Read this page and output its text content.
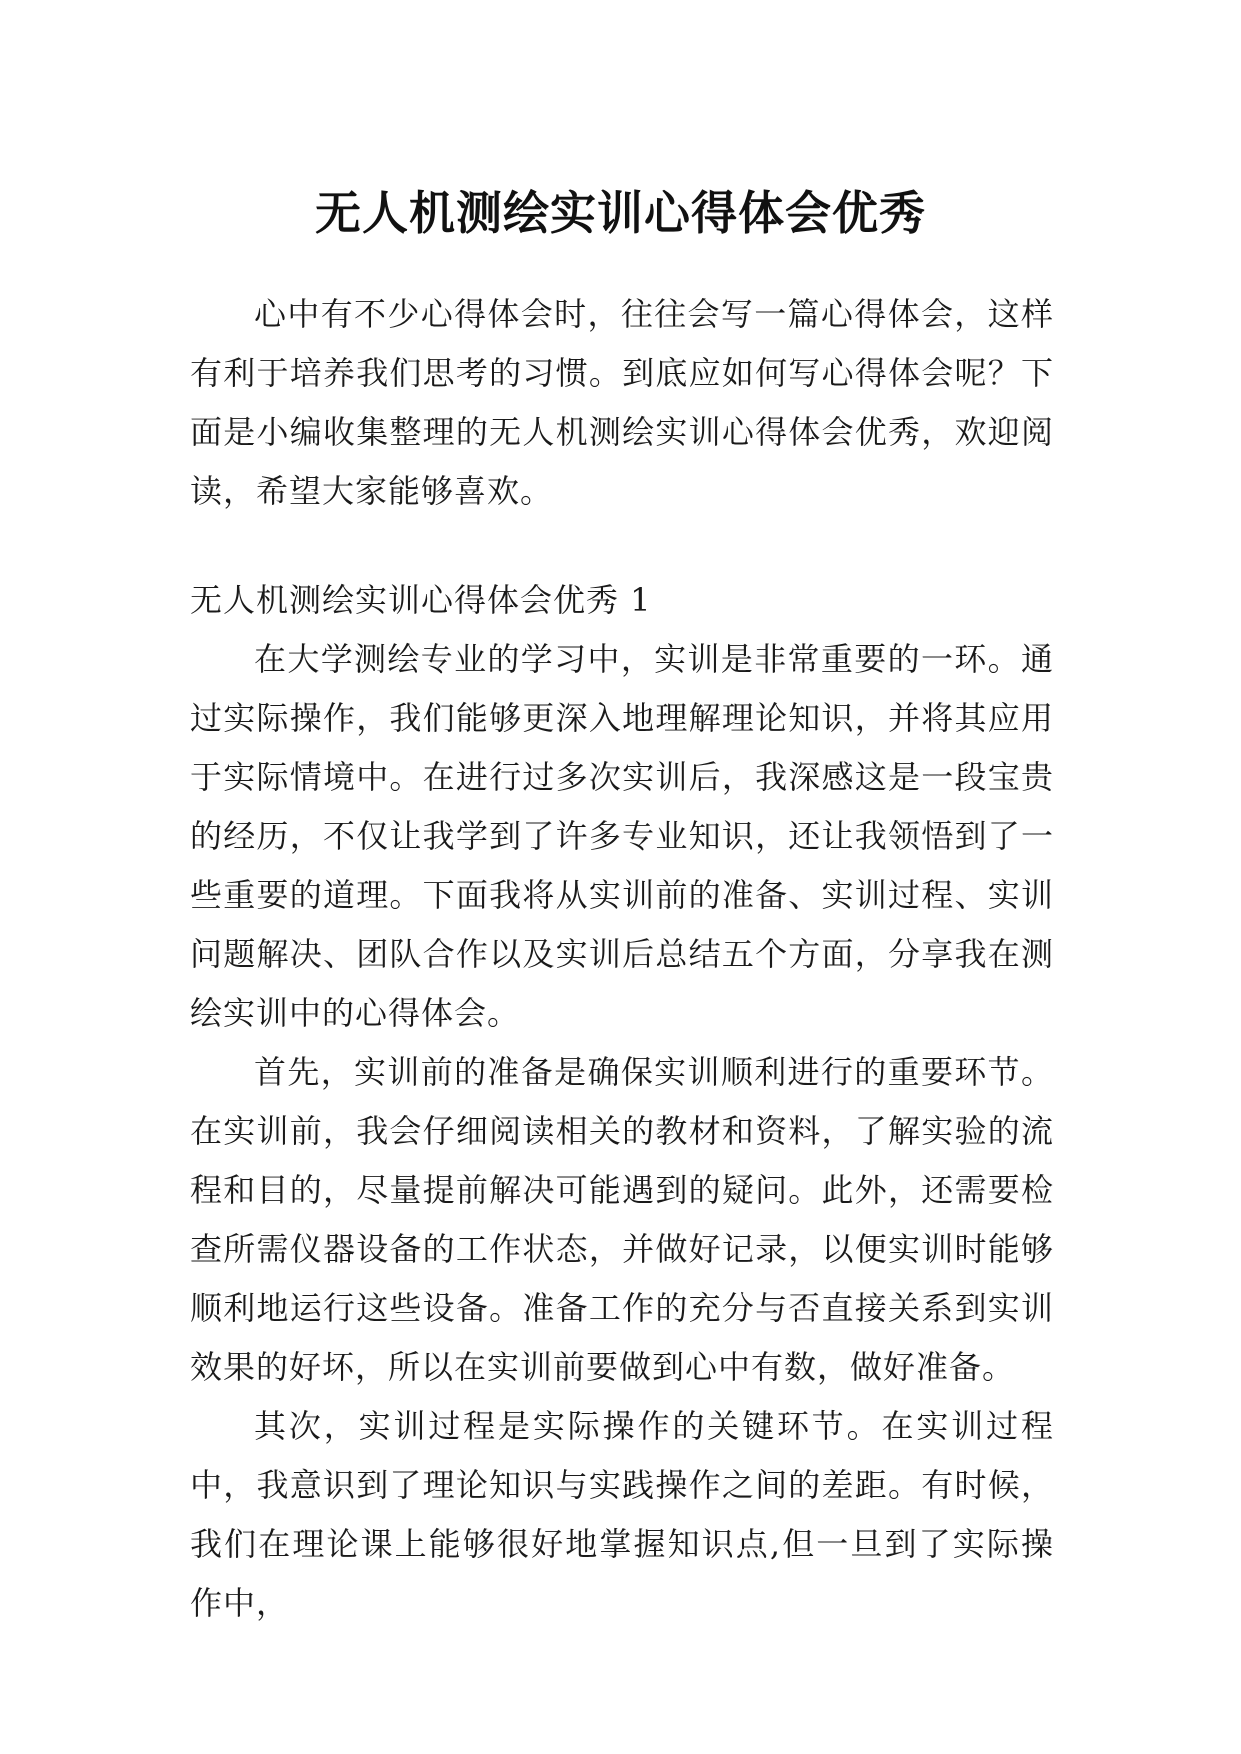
无人机测绘实训心得体会优秀

心中有不少心得体会时，往往会写一篇心得体会，这样有利于培养我们思考的习惯。到底应如何写心得体会呢？下面是小编收集整理的无人机测绘实训心得体会优秀，欢迎阅读，希望大家能够喜欢。

无人机测绘实训心得体会优秀 1

在大学测绘专业的学习中，实训是非常重要的一环。通过实际操作，我们能够更深入地理解理论知识，并将其应用于实际情境中。在进行过多次实训后，我深感这是一段宝贵的经历，不仅让我学到了许多专业知识，还让我领悟到了一些重要的道理。下面我将从实训前的准备、实训过程、实训问题解决、团队合作以及实训后总结五个方面，分享我在测绘实训中的心得体会。

首先，实训前的准备是确保实训顺利进行的重要环节。在实训前，我会仔细阅读相关的教材和资料，了解实验的流程和目的，尽量提前解决可能遇到的疑问。此外，还需要检查所需仪器设备的工作状态，并做好记录，以便实训时能够顺利地运行这些设备。准备工作的充分与否直接关系到实训效果的好坏，所以在实训前要做到心中有数，做好准备。

其次，实训过程是实际操作的关键环节。在实训过程中，我意识到了理论知识与实践操作之间的差距。有时候，我们在理论课上能够很好地掌握知识点,但一旦到了实际操作中，
